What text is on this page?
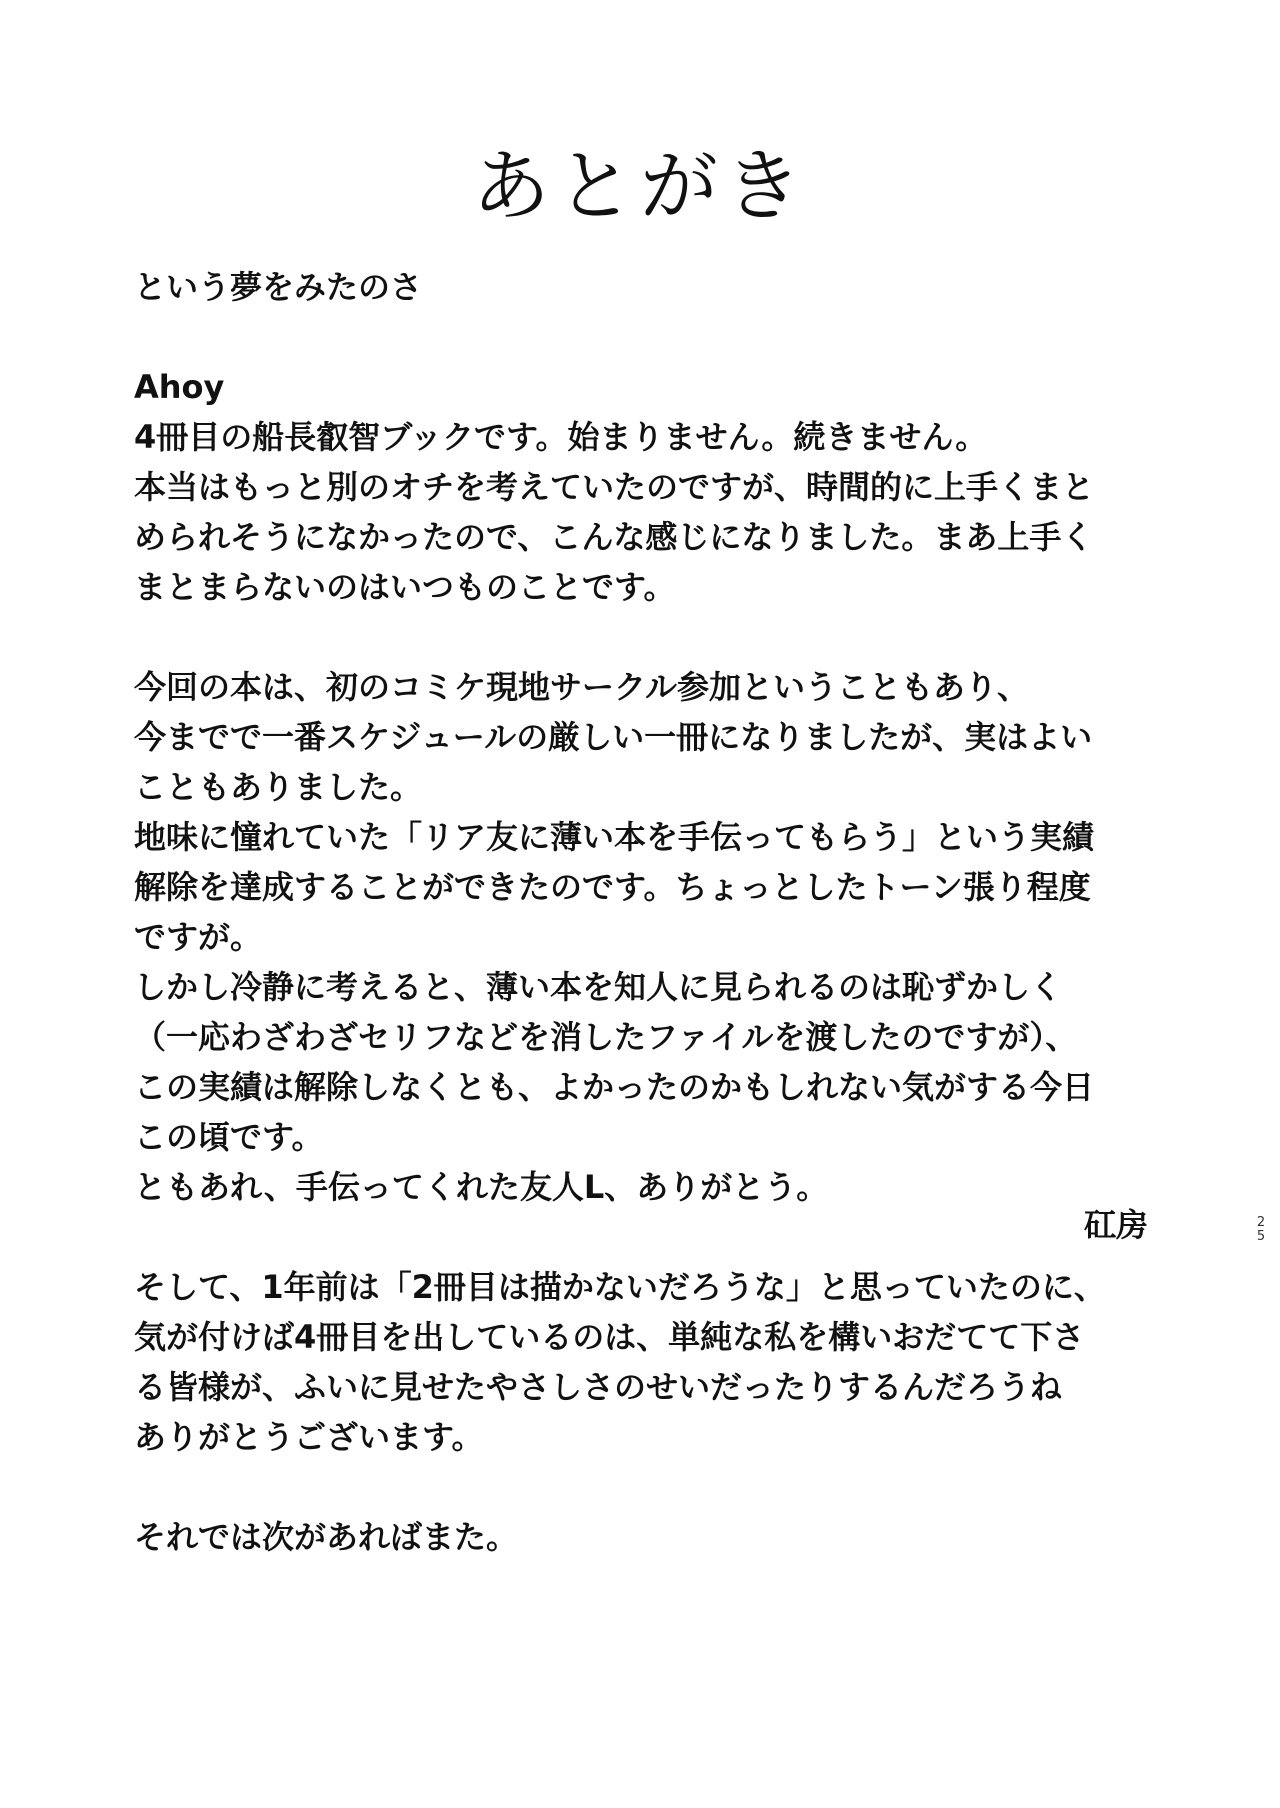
あとがき
という夢をみたのさ
Ahoy
4冊目の船長叡智ブックです。始まりません。続きません。
本当はもっと別のオチを考えていたのですが、時間的に上手くまと
められそうになかったので、こんな感じになりました。まあ上手く
まとまらないのはいつものことです。
今回の本は、初のコミケ現地サークル参加ということもあり、
今までで一番スケジュールの厳しい一冊になりましたが、実はよい
こともありました。
地味に憧れていた「リア友に薄い本を手伝ってもらう」という実績
解除を達成することができたのです。ちょっとしたトーン張り程度
ですが。
しかし冷静に考えると、薄い本を知人に見られるのは恥ずかしく
（一応わざわざセリフなどを消したファイルを渡したのですが）、
この実績は解除しなくとも、よかったのかもしれない気がする今日
この頃です。
ともあれ、手伝ってくれた友人L、ありがとう。
そして、1年前は「2冊目は描かないだろうな」と思っていたのに、
気が付けば4冊目を出しているのは、単純な私を構いおだてて下さ
る皆様が、ふいに見せたやさしさのせいだったりするんだろうね
ありがとうございます。
それでは次があればまた。
矼房	2
5
